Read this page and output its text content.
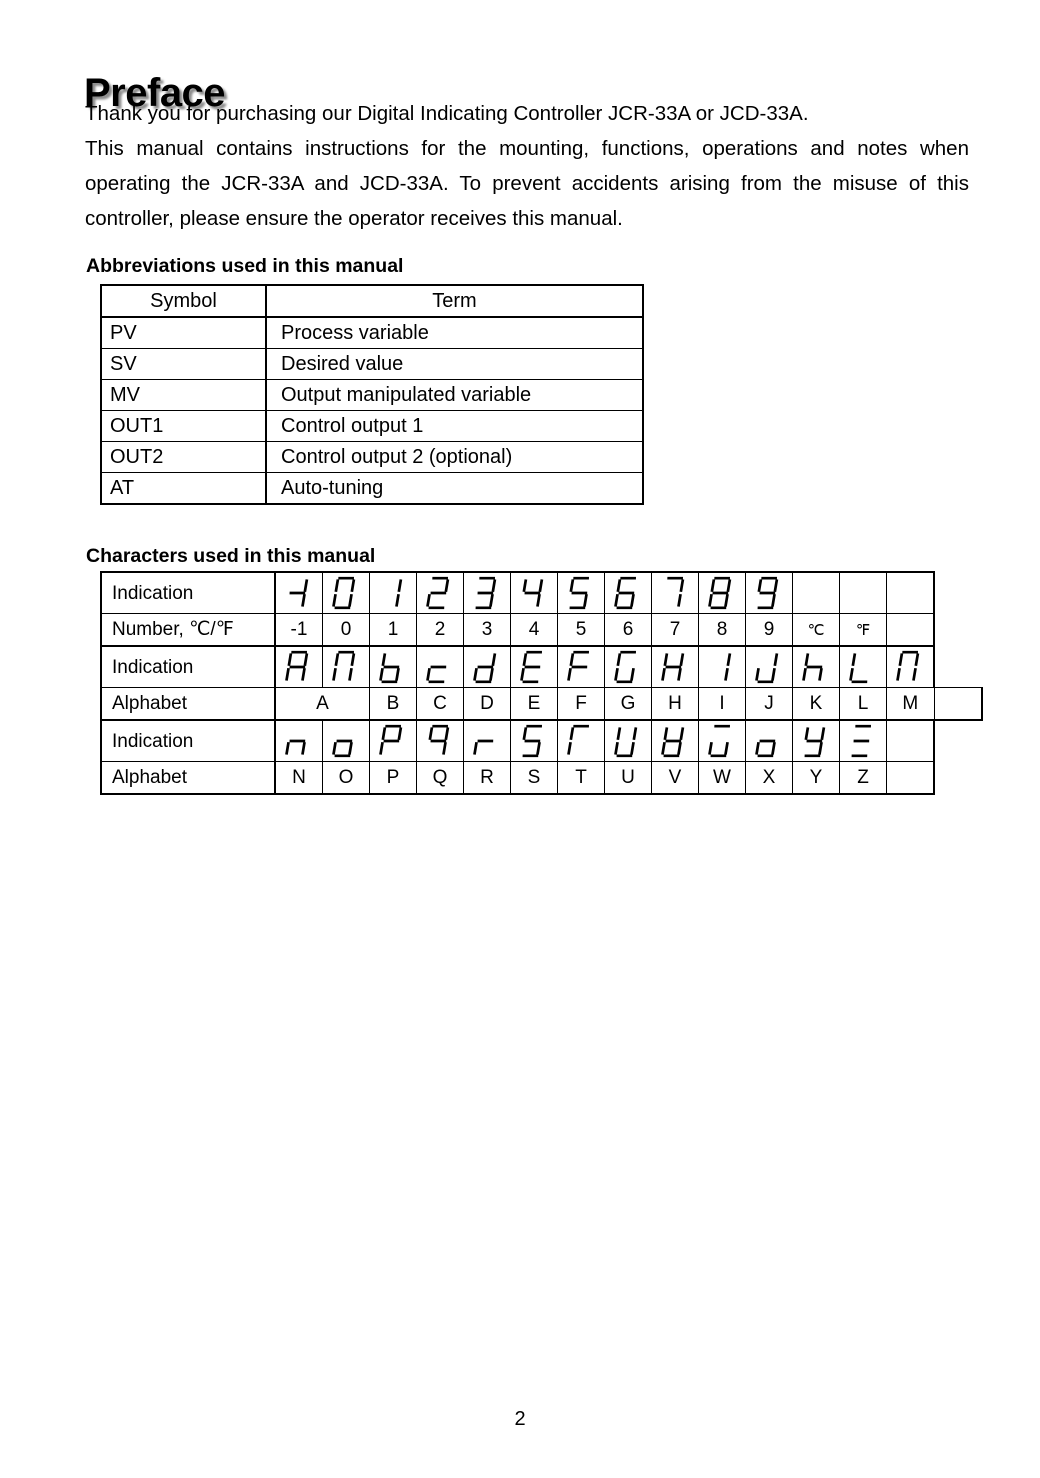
Preface
Thank you for purchasing our Digital Indicating Controller JCR-33A or JCD-33A.
This manual contains instructions for the mounting, functions, operations and notes when operating the JCR-33A and JCD-33A. To prevent accidents arising from the misuse of this controller, please ensure the operator receives this manual.
Abbreviations used in this manual
Symbol	Term
PV	Process variable
SV	Desired value
MV	Output manipulated variable
OUT1	Control output 1
OUT2	Control output 2 (optional)
AT	Auto-tuning
Characters used in this manual
Indication	

Number, ℃/℉	-1	0	1	2	3	4	5	6	7	8	9	℃	℉		
Indication	

Alphabet	A		B	C	D	E	F	G	H	I	J	K	L	M	
Indication	

Alphabet	N	O	P	Q	R	S	T	U	V	W	X	Y	Z		
2
